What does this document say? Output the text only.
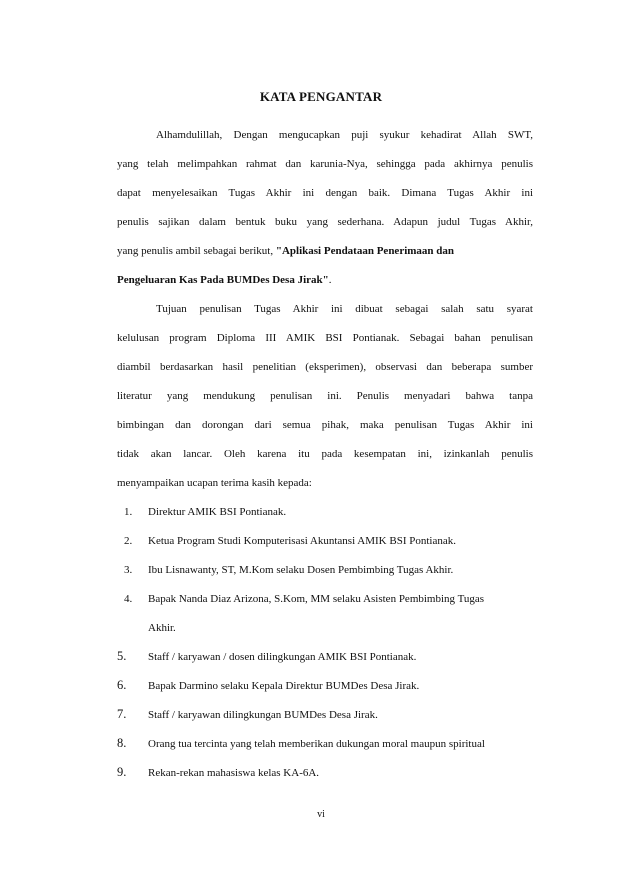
KATA PENGANTAR

Alhamdulillah, Dengan mengucapkan puji syukur kehadirat Allah SWT,

yang telah melimpahkan rahmat dan karunia-Nya, sehingga pada akhirnya penulis

dapat menyelesaikan Tugas Akhir ini dengan baik. Dimana Tugas Akhir ini

penulis sajikan dalam bentuk buku yang sederhana. Adapun judul Tugas Akhir,

yang penulis ambil sebagai berikut, "Aplikasi Pendataan Penerimaan dan

Pengeluaran Kas Pada BUMDes Desa Jirak".

Tujuan penulisan Tugas Akhir ini dibuat sebagai salah satu syarat

kelulusan program Diploma III AMIK BSI Pontianak. Sebagai bahan penulisan

diambil berdasarkan hasil penelitian (eksperimen), observasi dan beberapa sumber

literatur yang mendukung penulisan ini. Penulis menyadari bahwa tanpa

bimbingan dan dorongan dari semua pihak, maka penulisan Tugas Akhir ini

tidak akan lancar. Oleh karena itu pada kesempatan ini, izinkanlah penulis

menyampaikan ucapan terima kasih kepada:

1. Direktur AMIK BSI Pontianak.

2. Ketua Program Studi Komputerisasi Akuntansi AMIK BSI Pontianak.

3. Ibu Lisnawanty, ST, M.Kom selaku Dosen Pembimbing Tugas Akhir.

4. Bapak Nanda Diaz Arizona, S.Kom, MM selaku Asisten Pembimbing Tugas

Akhir.

5. Staff / karyawan / dosen dilingkungan AMIK BSI Pontianak.

6. Bapak Darmino selaku Kepala Direktur BUMDes Desa Jirak.

7. Staff / karyawan dilingkungan BUMDes Desa Jirak.

8. Orang tua tercinta yang telah memberikan dukungan moral maupun spiritual

9. Rekan-rekan mahasiswa kelas KA-6A.

vi
